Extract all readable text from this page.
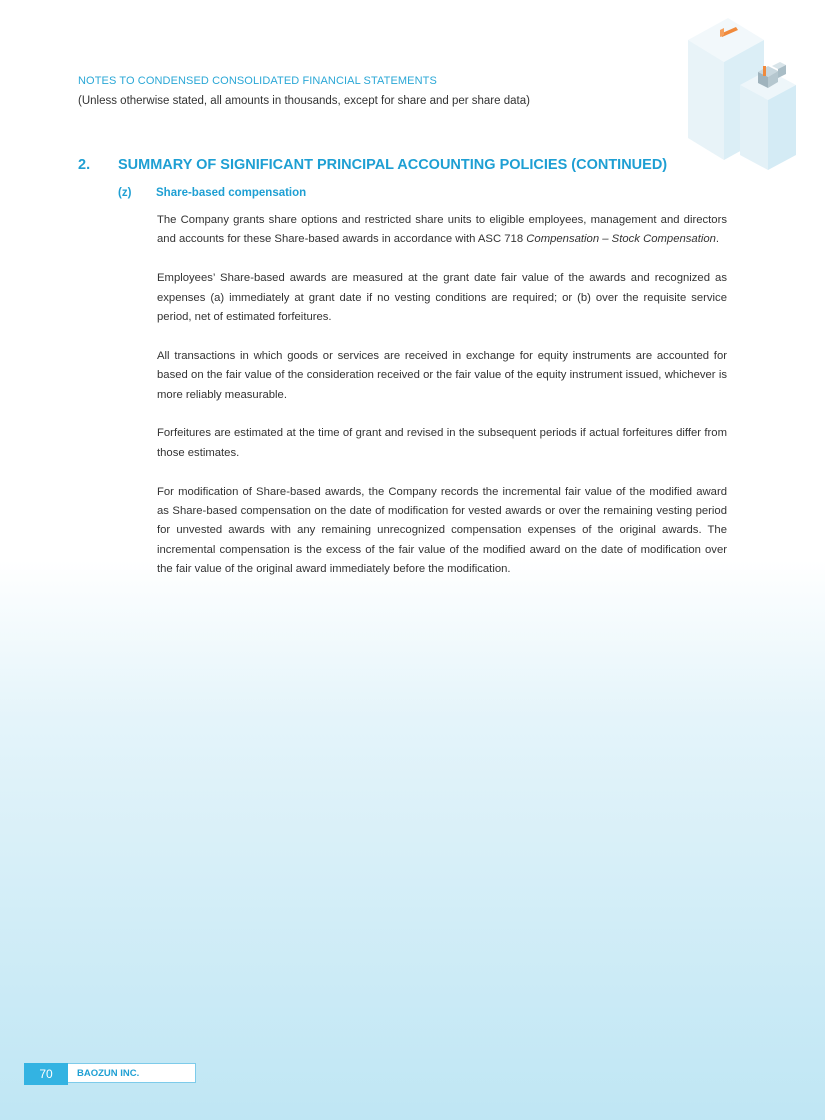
NOTES TO CONDENSED CONSOLIDATED FINANCIAL STATEMENTS
(Unless otherwise stated, all amounts in thousands, except for share and per share data)
2. SUMMARY OF SIGNIFICANT PRINCIPAL ACCOUNTING POLICIES (CONTINUED)
(z) Share-based compensation

The Company grants share options and restricted share units to eligible employees, management and directors and accounts for these Share-based awards in accordance with ASC 718 Compensation – Stock Compensation.

Employees’ Share-based awards are measured at the grant date fair value of the awards and recognized as expenses (a) immediately at grant date if no vesting conditions are required; or (b) over the requisite service period, net of estimated forfeitures.

All transactions in which goods or services are received in exchange for equity instruments are accounted for based on the fair value of the consideration received or the fair value of the equity instrument issued, whichever is more reliably measurable.

Forfeitures are estimated at the time of grant and revised in the subsequent periods if actual forfeitures differ from those estimates.

For modification of Share-based awards, the Company records the incremental fair value of the modified award as Share-based compensation on the date of modification for vested awards or over the remaining vesting period for unvested awards with any remaining unrecognized compensation expenses of the original awards. The incremental compensation is the excess of the fair value of the modified award on the date of modification over the fair value of the original award immediately before the modification.

70	BAOZUN INC.
